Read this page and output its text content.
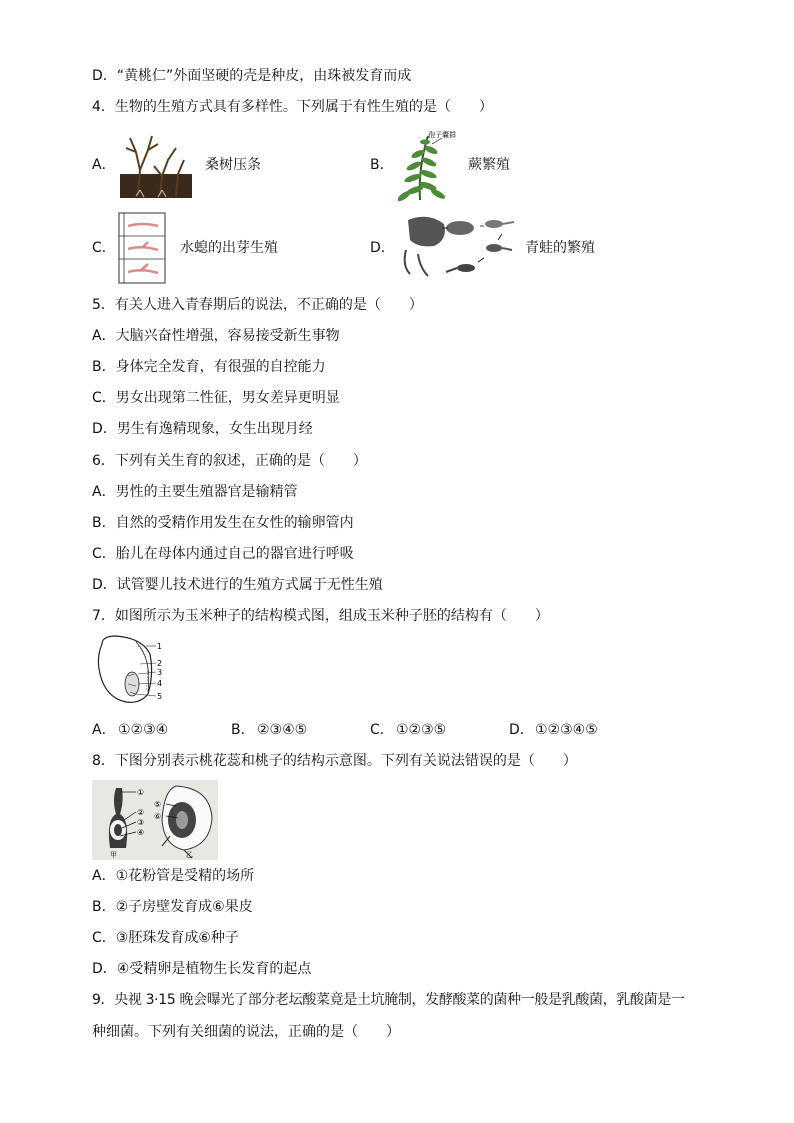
D．“黄桃仁”外面坚硬的壳是种皮，由珠被发育而成
4．生物的生殖方式具有多样性。下列属于有性生殖的是（　　）
A．	桑树压条	B．
孢子囊群
蕨繁殖
C．	水螅的出芽生殖	D．	青蛙的繁殖
5．有关人进入青春期后的说法，不正确的是（　　）
A．大脑兴奋性增强，容易接受新生事物
B．身体完全发育，有很强的自控能力
C．男女出现第二性征，男女差异更明显
D．男生有逸精现象，女生出现月经
6．下列有关生育的叙述，正确的是（　　）
A．男性的主要生殖器官是输精管
B．自然的受精作用发生在女性的输卵管内
C．胎儿在母体内通过自己的器官进行呼吸
D．试管婴儿技术进行的生殖方式属于无性生殖
7．如图所示为玉米种子的结构模式图，组成玉米种子胚的结构有（　　）
1
2
3
4
5
A． ①②③④	B． ②③④⑤	C． ①②③⑤	D． ①②③④⑤
8．下图分别表示桃花蕊和桃子的结构示意图。下列有关说法错误的是（　　）
①
②
③
④
⑤
⑥
甲	乙
A．①花粉管是受精的场所
B．②子房壁发育成⑥果皮
C．③胚珠发育成⑥种子
D．④受精卵是植物生长发育的起点
9．央视 3·15 晚会曝光了部分老坛酸菜竟是土坑腌制，发酵酸菜的菌种一般是乳酸菌，乳酸菌是一
种细菌。下列有关细菌的说法，正确的是（　　）
